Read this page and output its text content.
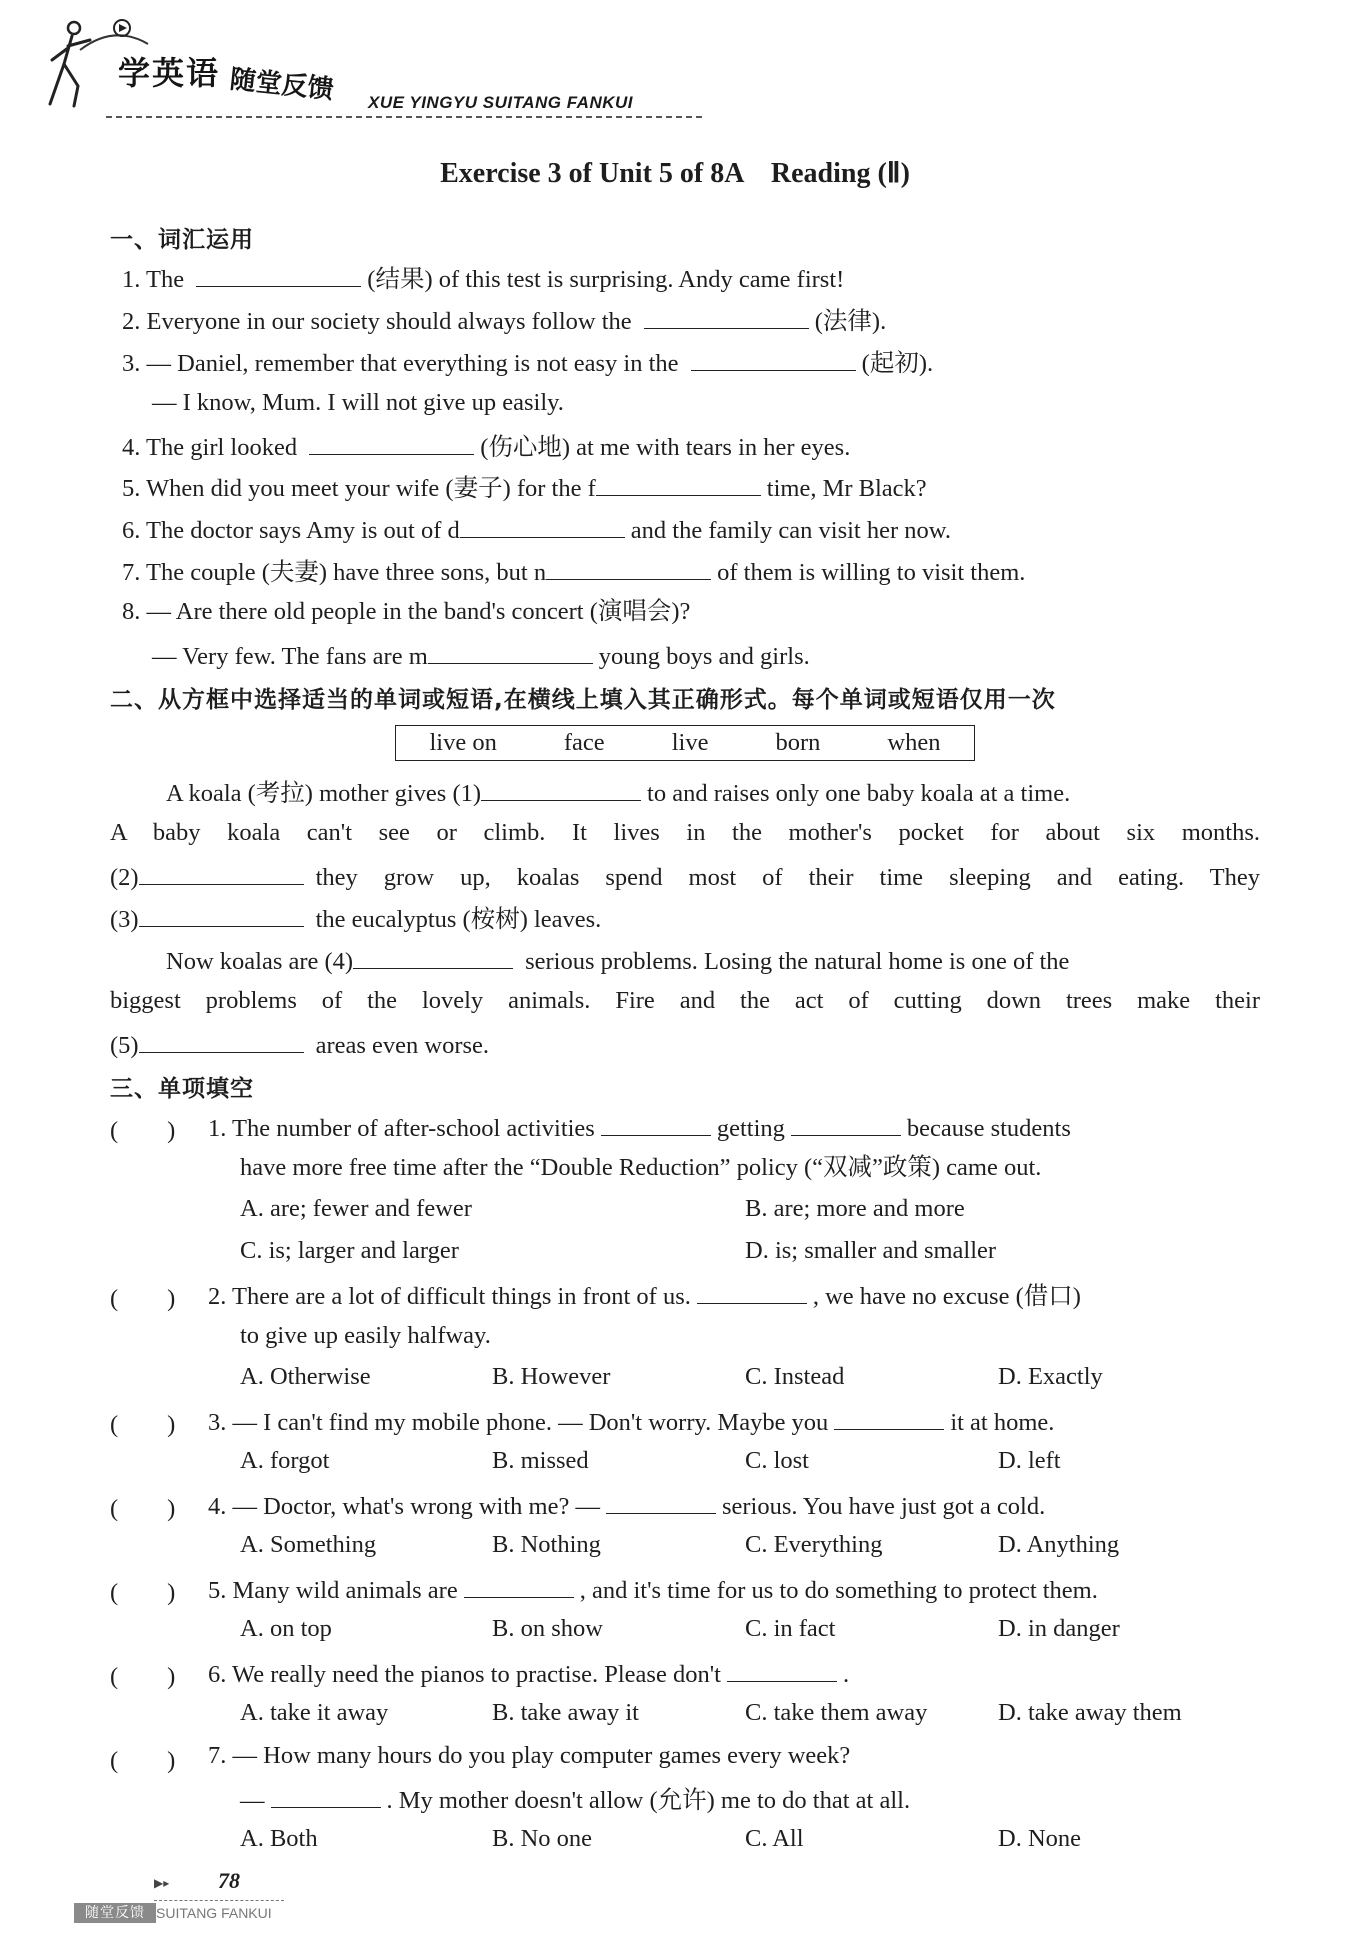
学英语 随堂反馈 XUE YINGYU SUITANG FANKUI
Exercise 3 of Unit 5 of 8A　Reading (Ⅱ)
一、词汇运用
1. The	(结果) of this test is surprising. Andy came first!
2. Everyone in our society should always follow the	(法律).
3. — Daniel, remember that everything is not easy in the	(起初).
— I know, Mum. I will not give up easily.
4. The girl looked	(伤心地) at me with tears in her eyes.
5. When did you meet your wife (妻子) for the f	time, Mr Black?
6. The doctor says Amy is out of d	and the family can visit her now.
7. The couple (夫妻) have three sons, but n	of them is willing to visit them.
8. — Are there old people in the band's concert (演唱会)?
— Very few. The fans are m	young boys and girls.
二、从方框中选择适当的单词或短语,在横线上填入其正确形式。每个单词或短语仅用一次
live on	face	live	born	when
A koala (考拉) mother gives (1)	to and raises only one baby koala at a time.
A baby koala can't see or climb. It lives in the mother's pocket for about six months.
(2)	they grow up, koalas spend most of their time sleeping and eating. They
(3)	the eucalyptus (桉树) leaves.
Now koalas are (4)	serious problems. Losing the natural home is one of the
biggest problems of the lovely animals. Fire and the act of cutting down trees make their
(5)	areas even worse.
三、单项填空
(　　) 1. The number of after-school activities	getting	because students
have more free time after the “Double Reduction” policy (“双减”政策) came out.
A. are; fewer and fewer	B. are; more and more
C. is; larger and larger	D. is; smaller and smaller
(　　) 2. There are a lot of difficult things in front of us.	, we have no excuse (借口)
to give up easily halfway.
A. Otherwise	B. However	C. Instead	D. Exactly
(　　) 3. — I can't find my mobile phone. — Don't worry. Maybe you	it at home.
A. forgot	B. missed	C. lost	D. left
(　　) 4. — Doctor, what's wrong with me? —	serious. You have just got a cold.
A. Something	B. Nothing	C. Everything	D. Anything
(　　) 5. Many wild animals are	, and it's time for us to do something to protect them.
A. on top	B. on show	C. in fact	D. in danger
(　　) 6. We really need the pianos to practise. Please don't	.
A. take it away	B. take away it	C. take them away	D. take away them
(　　) 7. — How many hours do you play computer games every week?
—	. My mother doesn't allow (允许) me to do that at all.
A. Both	B. No one	C. All	D. None
▶▸ 78
随堂反馈 SUITANG FANKUI
